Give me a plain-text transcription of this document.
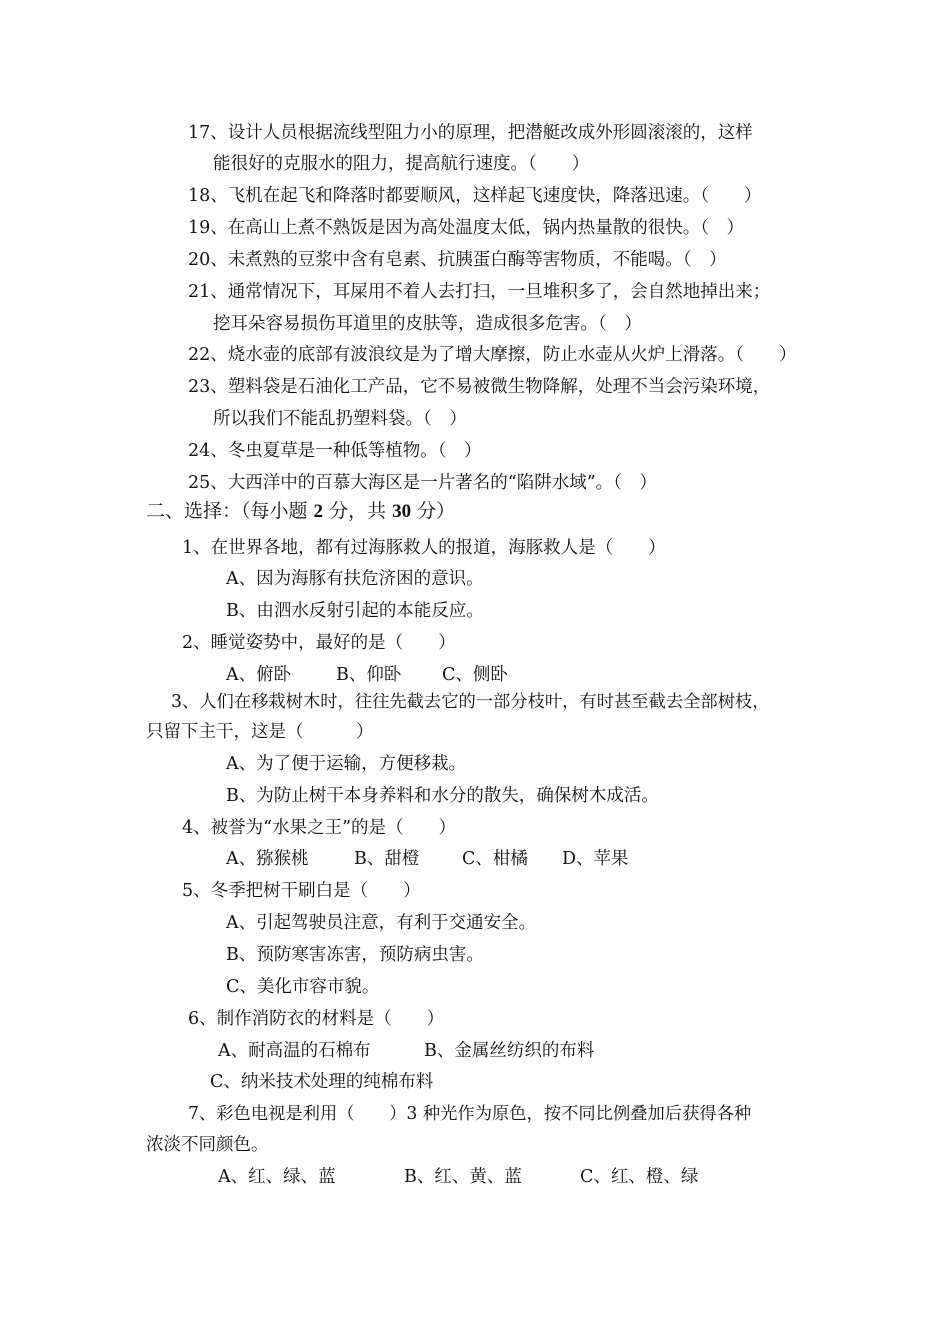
17、设计人员根据流线型阻力小的原理，把潜艇改成外形圆滚滚的，这样
能很好的克服水的阻力，提高航行速度。（　　）
18、飞机在起飞和降落时都要顺风，这样起飞速度快，降落迅速。（　　）
19、在高山上煮不熟饭是因为高处温度太低，锅内热量散的很快。（　）
20、未煮熟的豆浆中含有皂素、抗胰蛋白酶等害物质，不能喝。（　）
21、通常情况下，耳屎用不着人去打扫，一旦堆积多了，会自然地掉出来；
挖耳朵容易损伤耳道里的皮肤等，造成很多危害。（　）
22、烧水壶的底部有波浪纹是为了增大摩擦，防止水壶从火炉上滑落。（　　）
23、塑料袋是石油化工产品，它不易被微生物降解，处理不当会污染环境，
所以我们不能乱扔塑料袋。（　）
24、冬虫夏草是一种低等植物。（　）
25、大西洋中的百慕大海区是一片著名的“陷阱水域”。（　）
二、选择：（每小题 2 分，共 30 分）
1、在世界各地，都有过海豚救人的报道，海豚救人是（　　）
A、因为海豚有扶危济困的意识。
B、由泗水反射引起的本能反应。
2、睡觉姿势中，最好的是（　　）
A、俯卧	B、仰卧 C、侧卧
3、人们在移栽树木时，往往先截去它的一部分枝叶，有时甚至截去全部树枝，
只留下主干，这是（　　　）
A、为了便于运输，方便移栽。
B、为防止树干本身养料和水分的散失，确保树木成活。
4、被誉为“水果之王”的是（　　）
A、猕猴桃	B、甜橙 C、柑橘 D、苹果
5、冬季把树干刷白是（　　）
A、引起驾驶员注意，有利于交通安全。
B、预防寒害冻害，预防病虫害。
C、美化市容市貌。
6、制作消防衣的材料是（　　）
A、耐高温的石棉布	B、金属丝纺织的布料
C、纳米技术处理的纯棉布料
7、彩色电视是利用（　　）3 种光作为原色，按不同比例叠加后获得各种
浓淡不同颜色。
A、红、绿、蓝	B、红、黄、蓝	C、红、橙、绿
